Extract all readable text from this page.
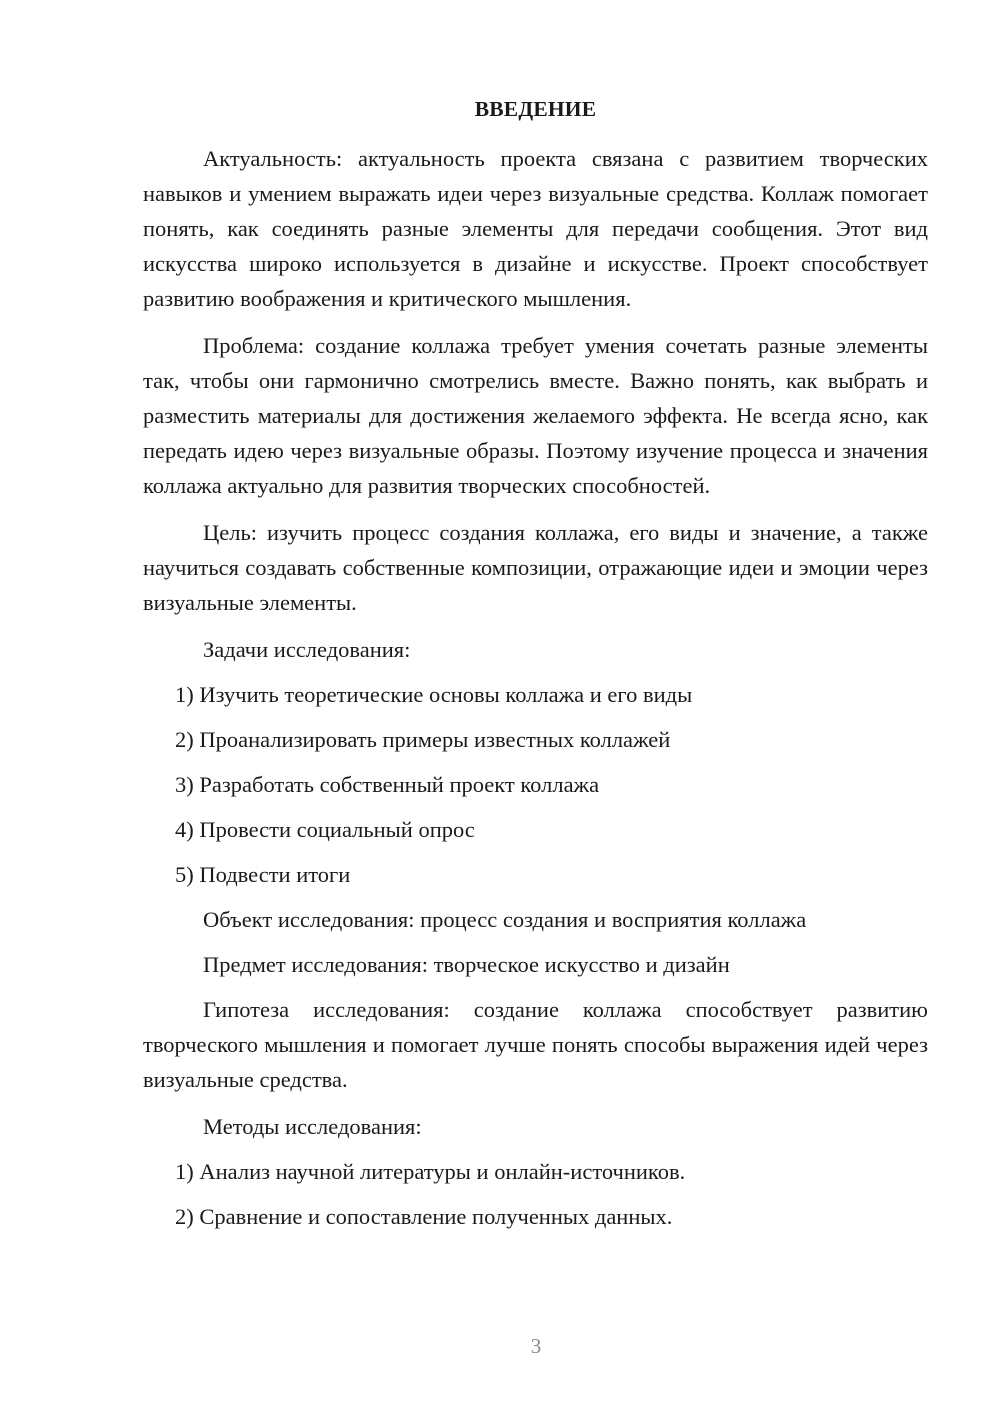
ВВЕДЕНИЕ

Актуальность: актуальность проекта связана с развитием творческих навыков и умением выражать идеи через визуальные средства. Коллаж помогает понять, как соединять разные элементы для передачи сообщения. Этот вид искусства широко используется в дизайне и искусстве. Проект способствует развитию воображения и критического мышления.

Проблема: создание коллажа требует умения сочетать разные элементы так, чтобы они гармонично смотрелись вместе. Важно понять, как выбрать и разместить материалы для достижения желаемого эффекта. Не всегда ясно, как передать идею через визуальные образы. Поэтому изучение процесса и значения коллажа актуально для развития творческих способностей.

Цель: изучить процесс создания коллажа, его виды и значение, а также научиться создавать собственные композиции, отражающие идеи и эмоции через визуальные элементы.

Задачи исследования:
1) Изучить теоретические основы коллажа и его виды
2) Проанализировать примеры известных коллажей
3) Разработать собственный проект коллажа
4) Провести социальный опрос
5) Подвести итоги
Объект исследования: процесс создания и восприятия коллажа
Предмет исследования: творческое искусство и дизайн

Гипотеза исследования: создание коллажа способствует развитию творческого мышления и помогает лучше понять способы выражения идей через визуальные средства.

Методы исследования:
1) Анализ научной литературы и онлайн-источников.
2) Сравнение и сопоставление полученных данных.
3
